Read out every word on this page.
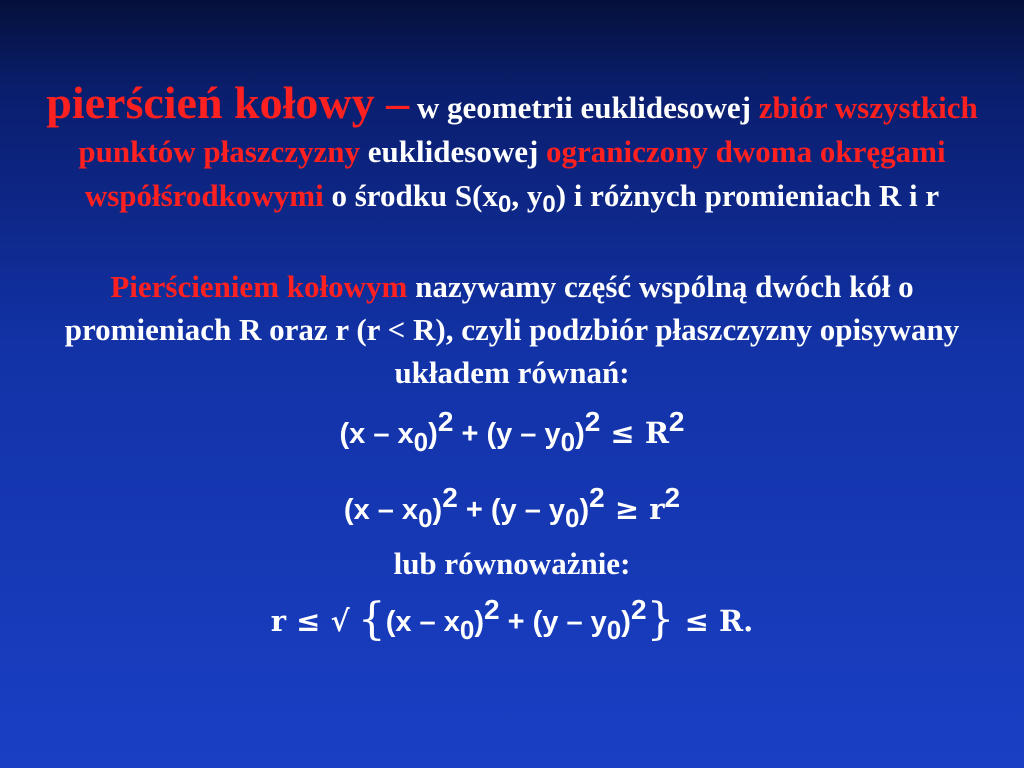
pierścień kołowy – w geometrii euklidesowej zbiór wszystkich punktów płaszczyzny euklidesowej ograniczony dwoma okręgami współśrodkowymi o środku $S(x_0$, $y_0$) i różnych promieniach R i r
Pierścieniem kołowym nazywamy część wspólną dwóch kół o promieniach R oraz r (r < R), czyli podzbiór płaszczyzny opisywany układem równań:
$(x - x_0)^2 + (y - y_0)^2 \le R^2$
$(x - x_0)^2 + (y - y_0)^2 \ge r^2$
lub równoważnie:
r ≤ √ $\{(x - x_0)^2 + (y - y_0)^2\} \le R$.
